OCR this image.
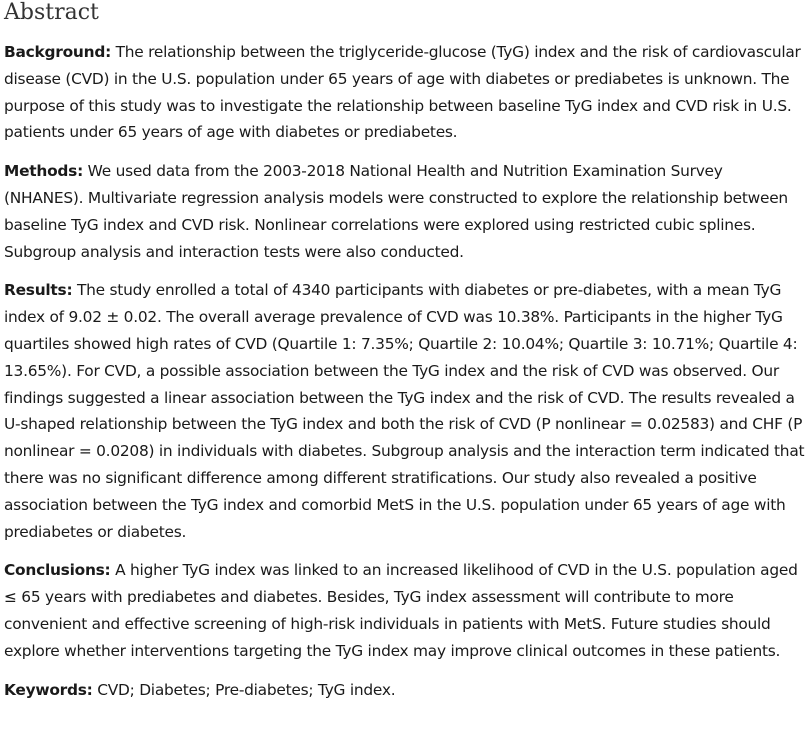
Abstract

Background: The relationship between the triglyceride-glucose (TyG) index and the risk of cardiovascular disease (CVD) in the U.S. population under 65 years of age with diabetes or prediabetes is unknown. The purpose of this study was to investigate the relationship between baseline TyG index and CVD risk in U.S. patients under 65 years of age with diabetes or prediabetes.

Methods: We used data from the 2003-2018 National Health and Nutrition Examination Survey (NHANES). Multivariate regression analysis models were constructed to explore the relationship between baseline TyG index and CVD risk. Nonlinear correlations were explored using restricted cubic splines. Subgroup analysis and interaction tests were also conducted.

Results: The study enrolled a total of 4340 participants with diabetes or pre-diabetes, with a mean TyG index of 9.02 ± 0.02. The overall average prevalence of CVD was 10.38%. Participants in the higher TyG quartiles showed high rates of CVD (Quartile 1: 7.35%; Quartile 2: 10.04%; Quartile 3: 10.71%; Quartile 4: 13.65%). For CVD, a possible association between the TyG index and the risk of CVD was observed. Our findings suggested a linear association between the TyG index and the risk of CVD. The results revealed a U-shaped relationship between the TyG index and both the risk of CVD (P nonlinear = 0.02583) and CHF (P nonlinear = 0.0208) in individuals with diabetes. Subgroup analysis and the interaction term indicated that there was no significant difference among different stratifications. Our study also revealed a positive association between the TyG index and comorbid MetS in the U.S. population under 65 years of age with prediabetes or diabetes.

Conclusions: A higher TyG index was linked to an increased likelihood of CVD in the U.S. population aged ≤ 65 years with prediabetes and diabetes. Besides, TyG index assessment will contribute to more convenient and effective screening of high-risk individuals in patients with MetS. Future studies should explore whether interventions targeting the TyG index may improve clinical outcomes in these patients.

Keywords: CVD; Diabetes; Pre-diabetes; TyG index.
